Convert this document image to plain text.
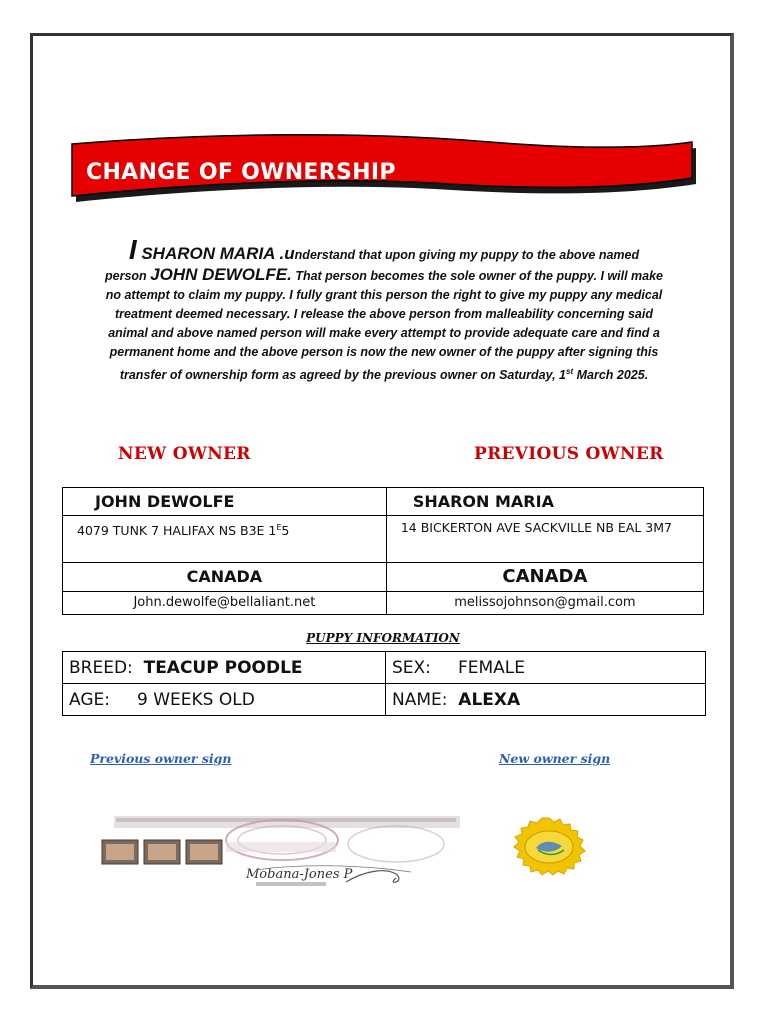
CHANGE OF OWNERSHIP
I SHARON MARIA .understand that upon giving my puppy to the above named
person JOHN DEWOLFE. That person becomes the sole owner of the puppy. I will make
no attempt to claim my puppy. I fully grant this person the right to give my puppy any medical
treatment deemed necessary. I release the above person from malleability concerning said
animal and above named person will make every attempt to provide adequate care and find a
permanent home and the above person is now the new owner of the puppy after signing this
transfer of ownership form as agreed by the previous owner on Saturday, 1st March 2025.
NEW OWNER	PREVIOUS OWNER
JOHN DEWOLFE	SHARON MARIA
4079 TUNK 7 HALIFAX NS B3E $1^E5$	14 BICKERTON AVE SACKVILLE NB EAL 3M7
CANADA	CANADA
John.dewolfe@bellaliant.net	melissojohnson@gmail.com
PUPPY INFORMATION
BREED: TEACUP POODLE	SEX: FEMALE
AGE: 9 WEEKS OLD	NAME: ALEXA
Previous owner sign	New owner sign
Mobana-Jones P
